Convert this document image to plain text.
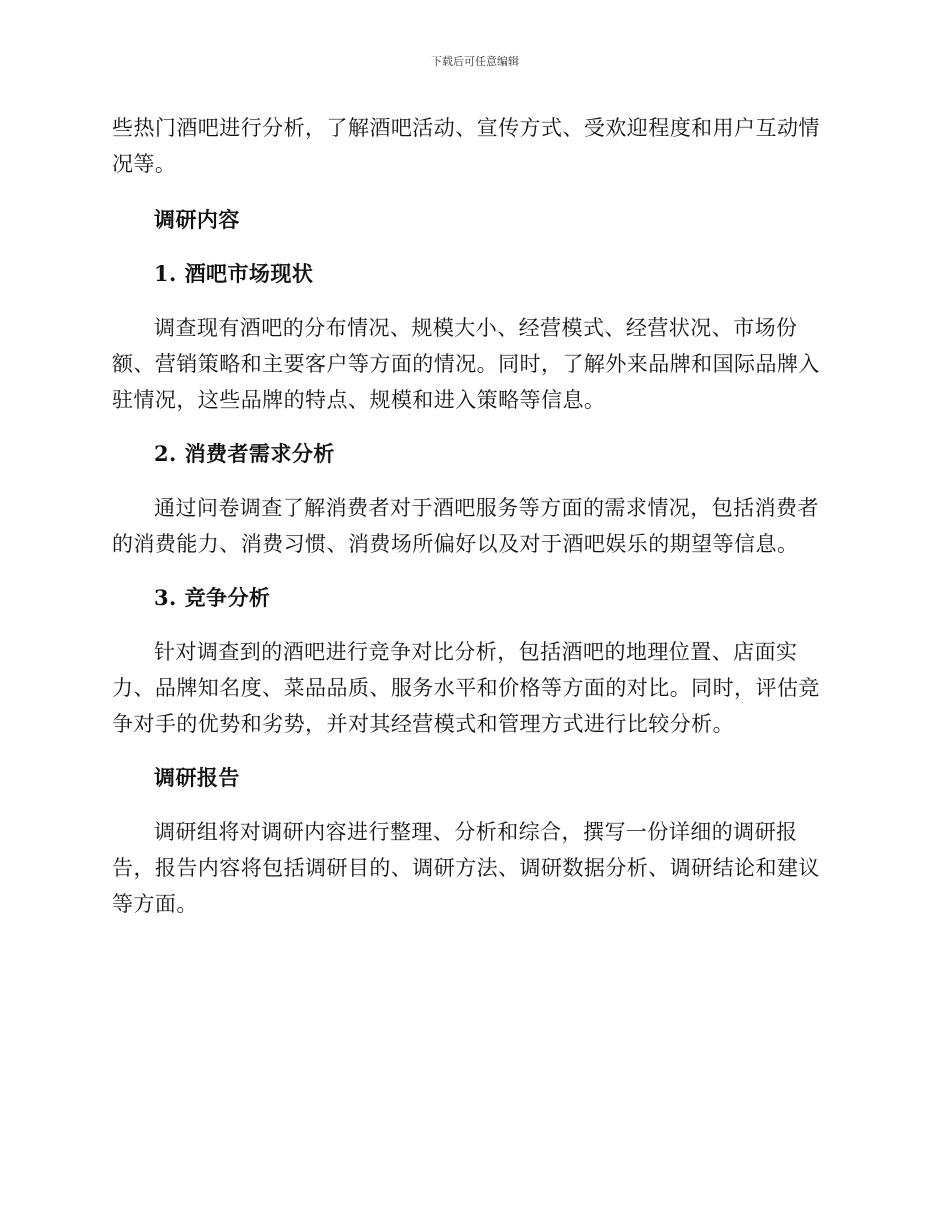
下载后可任意编辑

些热门酒吧进行分析，了解酒吧活动、宣传方式、受欢迎程度和用户互动情况等。

调研内容
1. 酒吧市场现状

调查现有酒吧的分布情况、规模大小、经营模式、经营状况、市场份额、营销策略和主要客户等方面的情况。同时，了解外来品牌和国际品牌入驻情况，这些品牌的特点、规模和进入策略等信息。

2. 消费者需求分析

通过问卷调查了解消费者对于酒吧服务等方面的需求情况，包括消费者的消费能力、消费习惯、消费场所偏好以及对于酒吧娱乐的期望等信息。

3. 竞争分析

针对调查到的酒吧进行竞争对比分析，包括酒吧的地理位置、店面实力、品牌知名度、菜品品质、服务水平和价格等方面的对比。同时，评估竞争对手的优势和劣势，并对其经营模式和管理方式进行比较分析。

调研报告

调研组将对调研内容进行整理、分析和综合，撰写一份详细的调研报告，报告内容将包括调研目的、调研方法、调研数据分析、调研结论和建议等方面。
